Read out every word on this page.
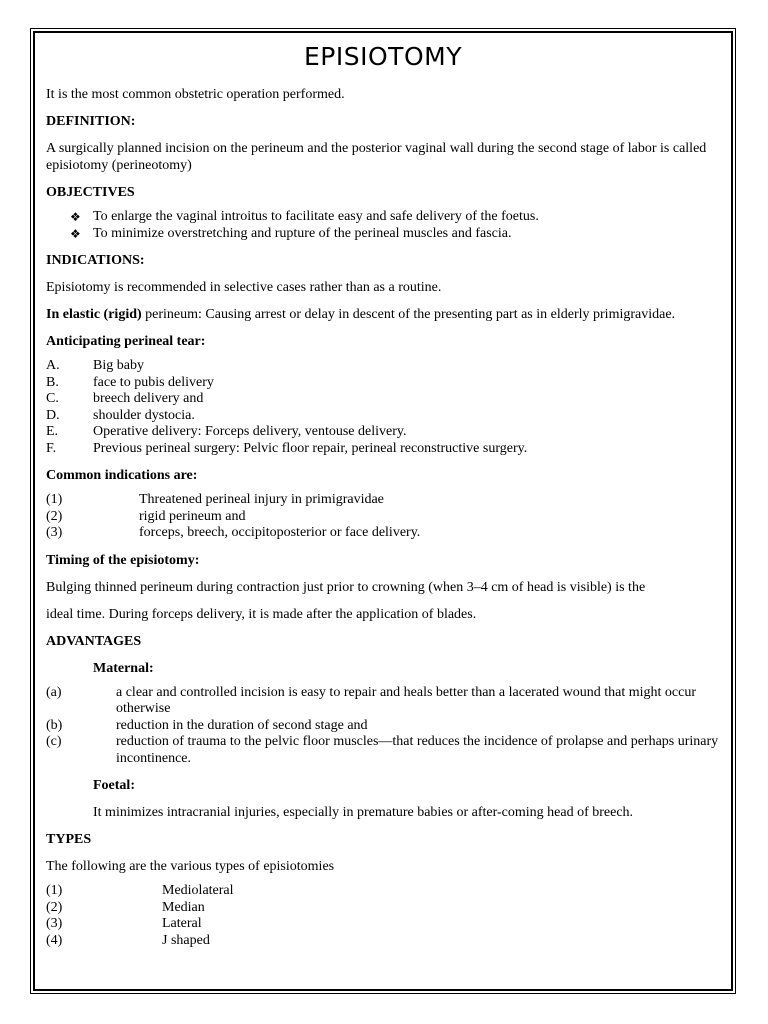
EPISIOTOMY

It is the most common obstetric operation performed.

DEFINITION:

A surgically planned incision on the perineum and the posterior vaginal wall during the second stage of labor is called episiotomy (perineotomy)

OBJECTIVES

❖ To enlarge the vaginal introitus to facilitate easy and safe delivery of the foetus.
❖ To minimize overstretching and rupture of the perineal muscles and fascia.

INDICATIONS:

Episiotomy is recommended in selective cases rather than as a routine.

In elastic (rigid) perineum: Causing arrest or delay in descent of the presenting part as in elderly primigravidae.

Anticipating perineal tear:

A. Big baby
B. face to pubis delivery
C. breech delivery and
D. shoulder dystocia.
E. Operative delivery: Forceps delivery, ventouse delivery.
F.	Previous perineal surgery: Pelvic floor repair, perineal reconstructive surgery.

Common indications are:

(1)	Threatened perineal injury in primigravidae
(2)	rigid perineum and
(3)	forceps, breech, occipitoposterior or face delivery.

Timing of the episiotomy:

Bulging thinned perineum during contraction just prior to crowning (when 3–4 cm of head is visible) is the

ideal time. During forceps delivery, it is made after the application of blades.

ADVANTAGES

Maternal:

(a)	a clear and controlled incision is easy to repair and heals better than a lacerated wound that might occur otherwise
(b)	reduction in the duration of second stage and
(c)	reduction of trauma to the pelvic floor muscles—that reduces the incidence of prolapse and perhaps urinary incontinence.

Foetal:

It minimizes intracranial injuries, especially in premature babies or after-coming head of breech.

TYPES

The following are the various types of episiotomies

(1)	Mediolateral
(2)	Median
(3)	Lateral
(4)	J shaped
